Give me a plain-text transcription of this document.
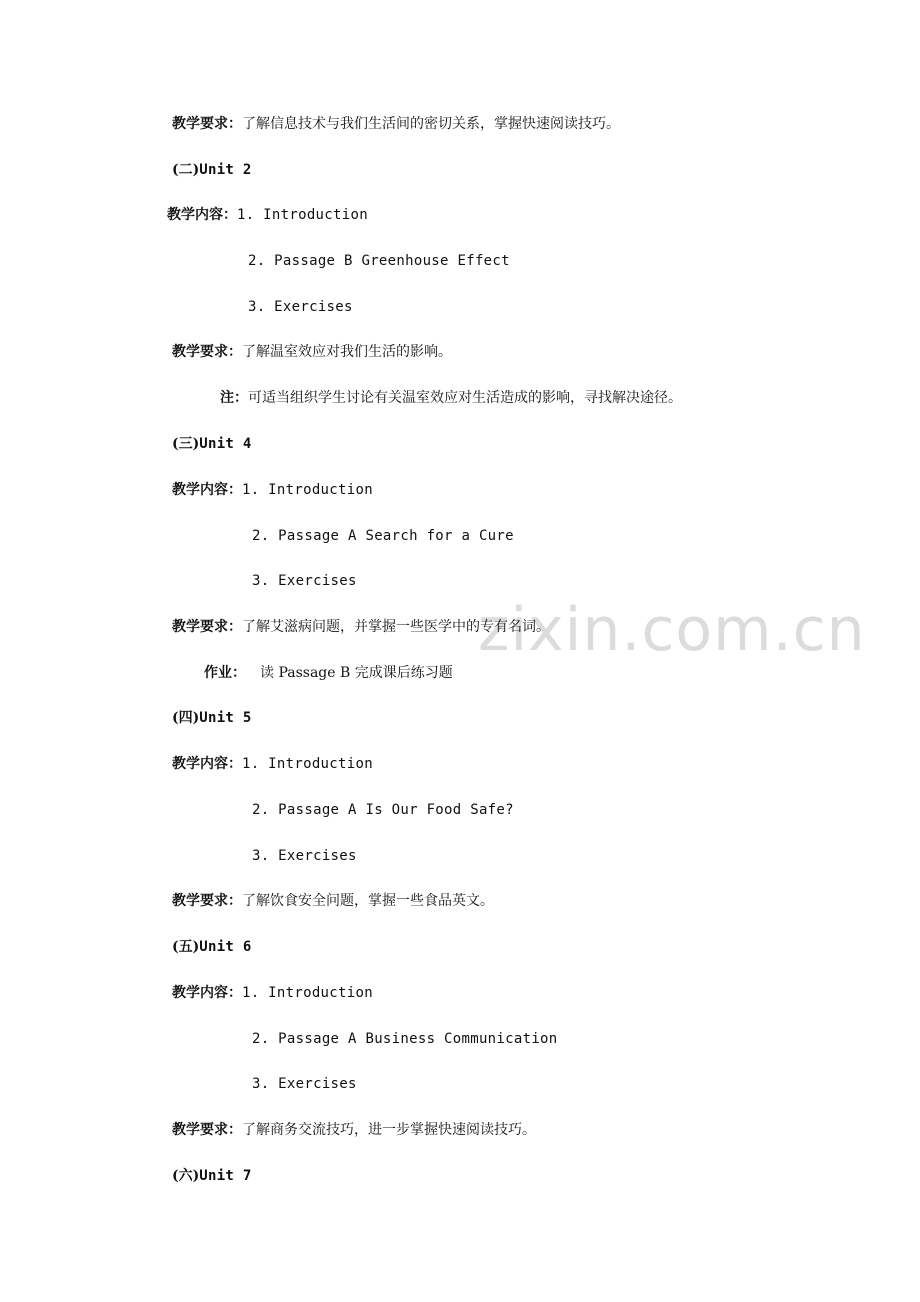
zixin.com.cn
教学要求：了解信息技术与我们生活间的密切关系，掌握快速阅读技巧。
(二)Unit 2
教学内容：1. Introduction
2. Passage B Greenhouse Effect
3. Exercises
教学要求：了解温室效应对我们生活的影响。
注：可适当组织学生讨论有关温室效应对生活造成的影响，寻找解决途径。
(三)Unit 4
教学内容：1. Introduction
2. Passage A Search for a Cure
3. Exercises
教学要求：了解艾滋病问题，并掌握一些医学中的专有名词。
作业： 读 Passage B 完成课后练习题
(四)Unit 5
教学内容：1. Introduction
2. Passage A Is Our Food Safe?
3. Exercises
教学要求：了解饮食安全问题，掌握一些食品英文。
(五)Unit 6
教学内容：1. Introduction
2. Passage A Business Communication
3. Exercises
教学要求：了解商务交流技巧，进一步掌握快速阅读技巧。
(六)Unit 7
